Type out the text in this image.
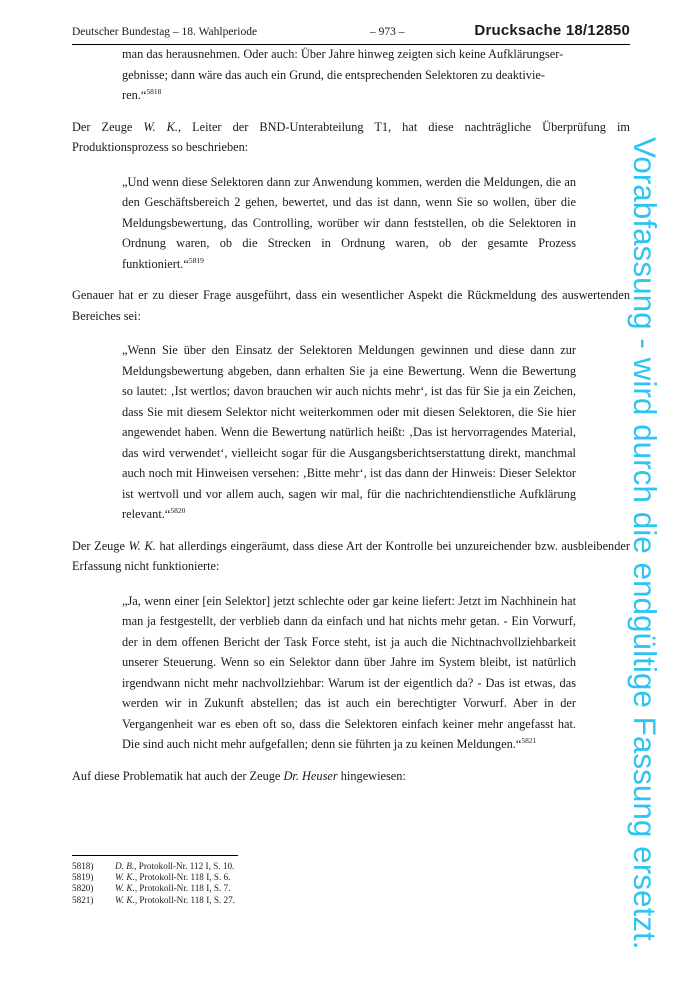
Deutscher Bundestag – 18. Wahlperiode	– 973 –	Drucksache 18/12850
man das herausnehmen. Oder auch: Über Jahre hinweg zeigten sich keine Aufklärungser-
gebnisse; dann wäre das auch ein Grund, die entsprechenden Selektoren zu deaktivie-
ren.“$^{5818}$

Der Zeuge W. K., Leiter der BND-Unterabteilung T1, hat diese nachträgliche Überprüfung im Produktionsprozess so beschrieben:

„Und wenn diese Selektoren dann zur Anwendung kommen, werden die Meldungen, die an den Geschäftsbereich 2 gehen, bewertet, und das ist dann, wenn Sie so wollen, über die Meldungsbewertung, das Controlling, worüber wir dann feststellen, ob die Selektoren in Ordnung waren, ob die Strecken in Ordnung waren, ob der gesamte Prozess funktioniert.“$^{5819}$

Genauer hat er zu dieser Frage ausgeführt, dass ein wesentlicher Aspekt die Rückmeldung des auswertenden Bereiches sei:

„Wenn Sie über den Einsatz der Selektoren Meldungen gewinnen und diese dann zur Meldungsbewertung abgeben, dann erhalten Sie ja eine Bewertung. Wenn die Bewertung so lautet: ‚Ist wertlos; davon brauchen wir auch nichts mehr‘, ist das für Sie ja ein Zeichen, dass Sie mit diesem Selektor nicht weiterkommen oder mit diesen Selektoren, die Sie hier angewendet haben. Wenn die Bewertung natürlich heißt: ‚Das ist hervorragendes Material, das wird verwendet‘, vielleicht sogar für die Ausgangsberichtserstattung direkt, manchmal auch noch mit Hinweisen versehen: ‚Bitte mehr‘, ist das dann der Hinweis: Dieser Selektor ist wertvoll und vor allem auch, sagen wir mal, für die nachrichtendienstliche Aufklärung relevant.“$^{5820}$

Der Zeuge W. K. hat allerdings eingeräumt, dass diese Art der Kontrolle bei unzureichender bzw. ausbleibender Erfassung nicht funktionierte:

„Ja, wenn einer [ein Selektor] jetzt schlechte oder gar keine liefert: Jetzt im Nachhinein hat man ja festgestellt, der verblieb dann da einfach und hat nichts mehr getan. - Ein Vorwurf, der in dem offenen Bericht der Task Force steht, ist ja auch die Nichtnachvollziehbarkeit unserer Steuerung. Wenn so ein Selektor dann über Jahre im System bleibt, ist natürlich irgendwann nicht mehr nachvollziehbar: Warum ist der eigentlich da? - Das ist etwas, das werden wir in Zukunft abstellen; das ist auch ein berechtigter Vorwurf. Aber in der Vergangenheit war es eben oft so, dass die Selektoren einfach keiner mehr angefasst hat. Die sind auch nicht mehr aufgefallen; denn sie führten ja zu keinen Meldungen.“$^{5821}$

Auf diese Problematik hat auch der Zeuge Dr. Heuser hingewiesen:

5818)	D. B., Protokoll-Nr. 112 I, S. 10.
5819)	W. K., Protokoll-Nr. 118 I, S. 6.
5820)	W. K., Protokoll-Nr. 118 I, S. 7.
5821)	W. K., Protokoll-Nr. 118 I, S. 27.	Vorabfassung - wird durch die endgültige Fassung ersetzt.
